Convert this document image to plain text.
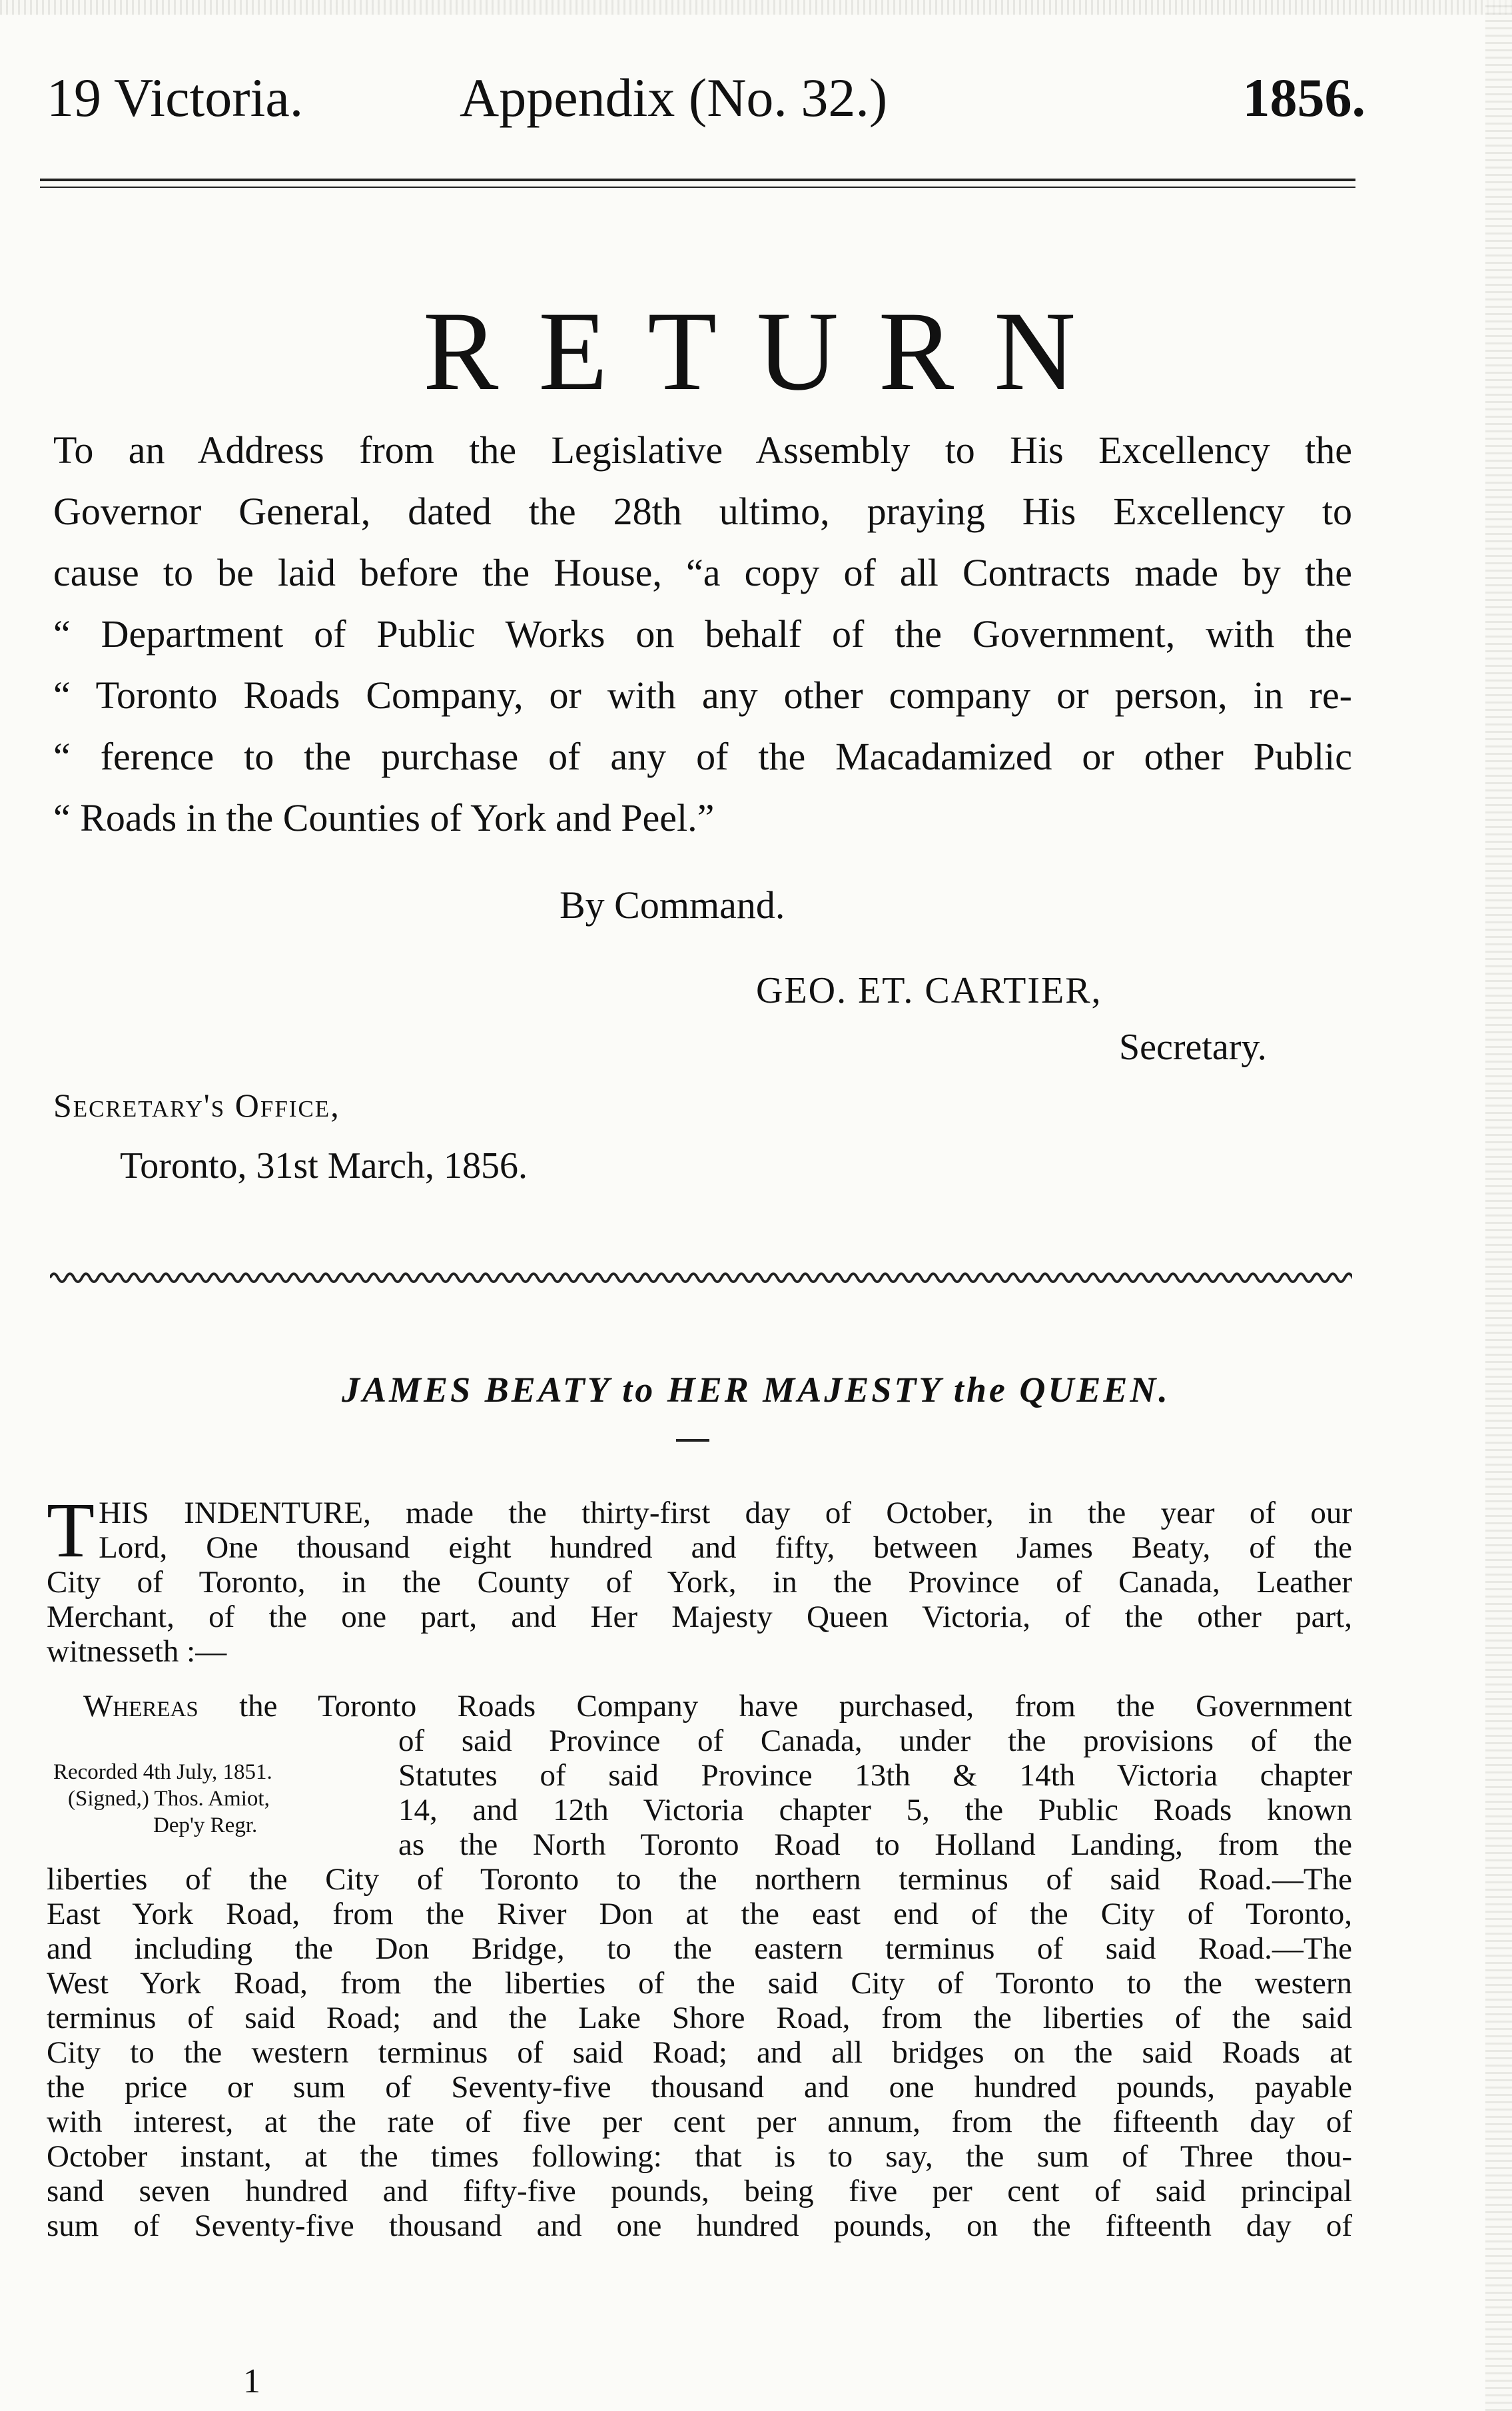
19 Victoria.	Appendix (No. 32.)	1856.
RETURN
To an Address from the Legislative Assembly to His Excellency the
Governor General, dated the 28th ultimo, praying His Excellency to
cause to be laid before the House, “a copy of all Contracts made by the
“ Department of Public Works on behalf of the Government, with the
“ Toronto Roads Company, or with any other company or person, in re-
“ ference to the purchase of any of the Macadamized or other Public
“ Roads in the Counties of York and Peel.”
By Command.
GEO. ET. CARTIER,
Secretary.
Secretary's Office,
Toronto, 31st March, 1856.
JAMES BEATY to HER MAJESTY the QUEEN.
T HIS INDENTURE, made the thirty-first day of October, in the year of our
Lord, One thousand eight hundred and fifty, between James Beaty, of the
City of Toronto, in the County of York, in the Province of Canada, Leather
Merchant, of the one part, and Her Majesty Queen Victoria, of the other part,
witnesseth :—
Whereas the Toronto Roads Company have purchased, from the Government
of said Province of Canada, under the provisions of the
Statutes of said Province 13th & 14th Victoria chapter
14, and 12th Victoria chapter 5, the Public Roads known
as the North Toronto Road to Holland Landing, from the
liberties of the City of Toronto to the northern terminus of said Road.—The
East York Road, from the River Don at the east end of the City of Toronto,
and including the Don Bridge, to the eastern terminus of said Road.—The
West York Road, from the liberties of the said City of Toronto to the western
terminus of said Road; and the Lake Shore Road, from the liberties of the said
City to the western terminus of said Road; and all bridges on the said Roads at
the price or sum of Seventy-five thousand and one hundred pounds, payable
with interest, at the rate of five per cent per annum, from the fifteenth day of
October instant, at the times following: that is to say, the sum of Three thou-
sand seven hundred and fifty-five pounds, being five per cent of said principal
sum of Seventy-five thousand and one hundred pounds, on the fifteenth day of
Recorded 4th July, 1851.
(Signed,) Thos. Amiot,
Dep'y Regr.
1
